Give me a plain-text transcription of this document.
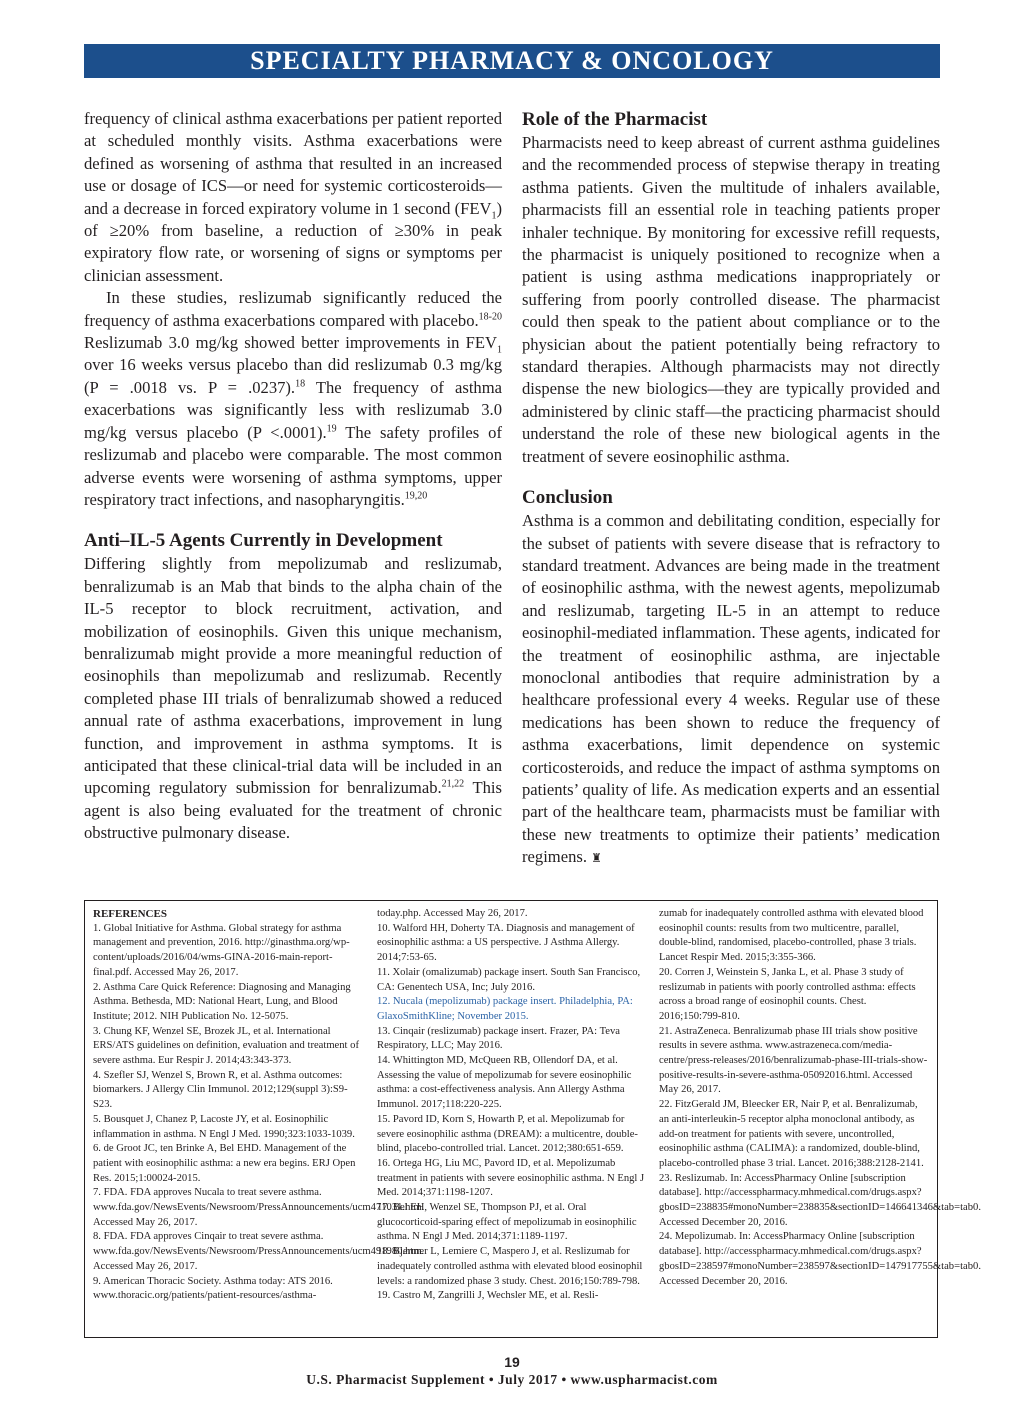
SPECIALTY PHARMACY & ONCOLOGY

frequency of clinical asthma exacerbations per patient reported at scheduled monthly visits. Asthma exacerbations were defined as worsening of asthma that resulted in an increased use or dosage of ICS—or need for systemic corticosteroids—and a decrease in forced expiratory volume in 1 second $(FEV_1)$ of ≥20% from baseline, a reduction of ≥30% in peak expiratory flow rate, or worsening of signs or symptoms per clinician assessment.

In these studies, reslizumab significantly reduced the frequency of asthma exacerbations compared with placebo.$^{18-20}$ Reslizumab 3.0 mg/kg showed better improvements in $FEV_1$ over 16 weeks versus placebo than did reslizumab 0.3 mg/kg (P = .0018 vs. P = .0237).$^{18}$ The frequency of asthma exacerbations was significantly less with reslizumab 3.0 mg/kg versus placebo (P <.0001).$^{19}$ The safety profiles of reslizumab and placebo were comparable. The most common adverse events were worsening of asthma symptoms, upper respiratory tract infections, and nasopharyngitis.$^{19,20}$

Anti–IL-5 Agents Currently in Development

Differing slightly from mepolizumab and reslizumab, benralizumab is an Mab that binds to the alpha chain of the IL-5 receptor to block recruitment, activation, and mobilization of eosinophils. Given this unique mechanism, benralizumab might provide a more meaningful reduction of eosinophils than mepolizumab and reslizumab. Recently completed phase III trials of benralizumab showed a reduced annual rate of asthma exacerbations, improvement in lung function, and improvement in asthma symptoms. It is anticipated that these clinical-trial data will be included in an upcoming regulatory submission for benralizumab.$^{21,22}$ This agent is also being evaluated for the treatment of chronic obstructive pulmonary disease.

Role of the Pharmacist

Pharmacists need to keep abreast of current asthma guidelines and the recommended process of stepwise therapy in treating asthma patients. Given the multitude of inhalers available, pharmacists fill an essential role in teaching patients proper inhaler technique. By monitoring for excessive refill requests, the pharmacist is uniquely positioned to recognize when a patient is using asthma medications inappropriately or suffering from poorly controlled disease. The pharmacist could then speak to the patient about compliance or to the physician about the patient potentially being refractory to standard therapies. Although pharmacists may not directly dispense the new biologics—they are typically provided and administered by clinic staff—the practicing pharmacist should understand the role of these new biological agents in the treatment of severe eosinophilic asthma.

Conclusion

Asthma is a common and debilitating condition, especially for the subset of patients with severe disease that is refractory to standard treatment. Advances are being made in the treatment of eosinophilic asthma, with the newest agents, mepolizumab and reslizumab, targeting IL-5 in an attempt to reduce eosinophil-mediated inflammation. These agents, indicated for the treatment of eosinophilic asthma, are injectable monoclonal antibodies that require administration by a healthcare professional every 4 weeks. Regular use of these medications has been shown to reduce the frequency of asthma exacerbations, limit dependence on systemic corticosteroids, and reduce the impact of asthma symptoms on patients’ quality of life. As medication experts and an essential part of the healthcare team, pharmacists must be familiar with these new treatments to optimize their patients’ medication regimens. ♜

REFERENCES

1. Global Initiative for Asthma. Global strategy for asthma management and prevention, 2016. http://ginasthma.org/wp-content/uploads/2016/04/wms-GINA-2016-main-report-final.pdf. Accessed May 26, 2017.

2. Asthma Care Quick Reference: Diagnosing and Managing Asthma. Bethesda, MD: National Heart, Lung, and Blood Institute; 2012. NIH Publication No. 12-5075.

3. Chung KF, Wenzel SE, Brozek JL, et al. International ERS/ATS guidelines on definition, evaluation and treatment of severe asthma. Eur Respir J. 2014;43:343-373.

4. Szefler SJ, Wenzel S, Brown R, et al. Asthma outcomes: biomarkers. J Allergy Clin Immunol. 2012;129(suppl 3):S9-S23.

5. Bousquet J, Chanez P, Lacoste JY, et al. Eosinophilic inflammation in asthma. N Engl J Med. 1990;323:1033-1039.

6. de Groot JC, ten Brinke A, Bel EHD. Management of the patient with eosinophilic asthma: a new era begins. ERJ Open Res. 2015;1:00024-2015.

7. FDA. FDA approves Nucala to treat severe asthma. www.fda.gov/NewsEvents/Newsroom/PressAnnouncements/ucm471031.htm. Accessed May 26, 2017.

8. FDA. FDA approves Cinqair to treat severe asthma. www.fda.gov/NewsEvents/Newsroom/PressAnnouncements/ucm491980.htm. Accessed May 26, 2017.

9. American Thoracic Society. Asthma today: ATS 2016. www.thoracic.org/patients/patient-resources/asthma-

today.php. Accessed May 26, 2017.

10. Walford HH, Doherty TA. Diagnosis and management of eosinophilic asthma: a US perspective. J Asthma Allergy. 2014;7:53-65.

11. Xolair (omalizumab) package insert. South San Francisco, CA: Genentech USA, Inc; July 2016.

12. Nucala (mepolizumab) package insert. Philadelphia, PA: GlaxoSmithKline; November 2015.

13. Cinqair (reslizumab) package insert. Frazer, PA: Teva Respiratory, LLC; May 2016.

14. Whittington MD, McQueen RB, Ollendorf DA, et al. Assessing the value of mepolizumab for severe eosinophilic asthma: a cost-effectiveness analysis. Ann Allergy Asthma Immunol. 2017;118:220-225.

15. Pavord ID, Korn S, Howarth P, et al. Mepolizumab for severe eosinophilic asthma (DREAM): a multicentre, double-blind, placebo-controlled trial. Lancet. 2012;380:651-659.

16. Ortega HG, Liu MC, Pavord ID, et al. Mepolizumab treatment in patients with severe eosinophilic asthma. N Engl J Med. 2014;371:1198-1207.

17. Bel EH, Wenzel SE, Thompson PJ, et al. Oral glucocorticoid-sparing effect of mepolizumab in eosinophilic asthma. N Engl J Med. 2014;371:1189-1197.

18. Bjermer L, Lemiere C, Maspero J, et al. Reslizumab for inadequately controlled asthma with elevated blood eosinophil levels: a randomized phase 3 study. Chest. 2016;150:789-798.

19. Castro M, Zangrilli J, Wechsler ME, et al. Resli-

zumab for inadequately controlled asthma with elevated blood eosinophil counts: results from two multicentre, parallel, double-blind, randomised, placebo-controlled, phase 3 trials. Lancet Respir Med. 2015;3:355-366.

20. Corren J, Weinstein S, Janka L, et al. Phase 3 study of reslizumab in patients with poorly controlled asthma: effects across a broad range of eosinophil counts. Chest. 2016;150:799-810.

21. AstraZeneca. Benralizumab phase III trials show positive results in severe asthma. www.astrazeneca.com/media-centre/press-releases/2016/benralizumab-phase-III-trials-show-positive-results-in-severe-asthma-05092016.html. Accessed May 26, 2017.

22. FitzGerald JM, Bleecker ER, Nair P, et al. Benralizumab, an anti-interleukin-5 receptor alpha monoclonal antibody, as add-on treatment for patients with severe, uncontrolled, eosinophilic asthma (CALIMA): a randomized, double-blind, placebo-controlled phase 3 trial. Lancet. 2016;388:2128-2141.

23. Reslizumab. In: AccessPharmacy Online [subscription database]. http://accesspharmacy.mhmedical.com/drugs.aspx?gbosID=238835#monoNumber=238835&sectionID=146641346&tab=tab0. Accessed December 20, 2016.

24. Mepolizumab. In: AccessPharmacy Online [subscription database]. http://accesspharmacy.mhmedical.com/drugs.aspx?gbosID=238597#monoNumber=238597&sectionID=147917755&tab=tab0. Accessed December 20, 2016.

19
U.S. Pharmacist Supplement • July 2017 • www.uspharmacist.com
